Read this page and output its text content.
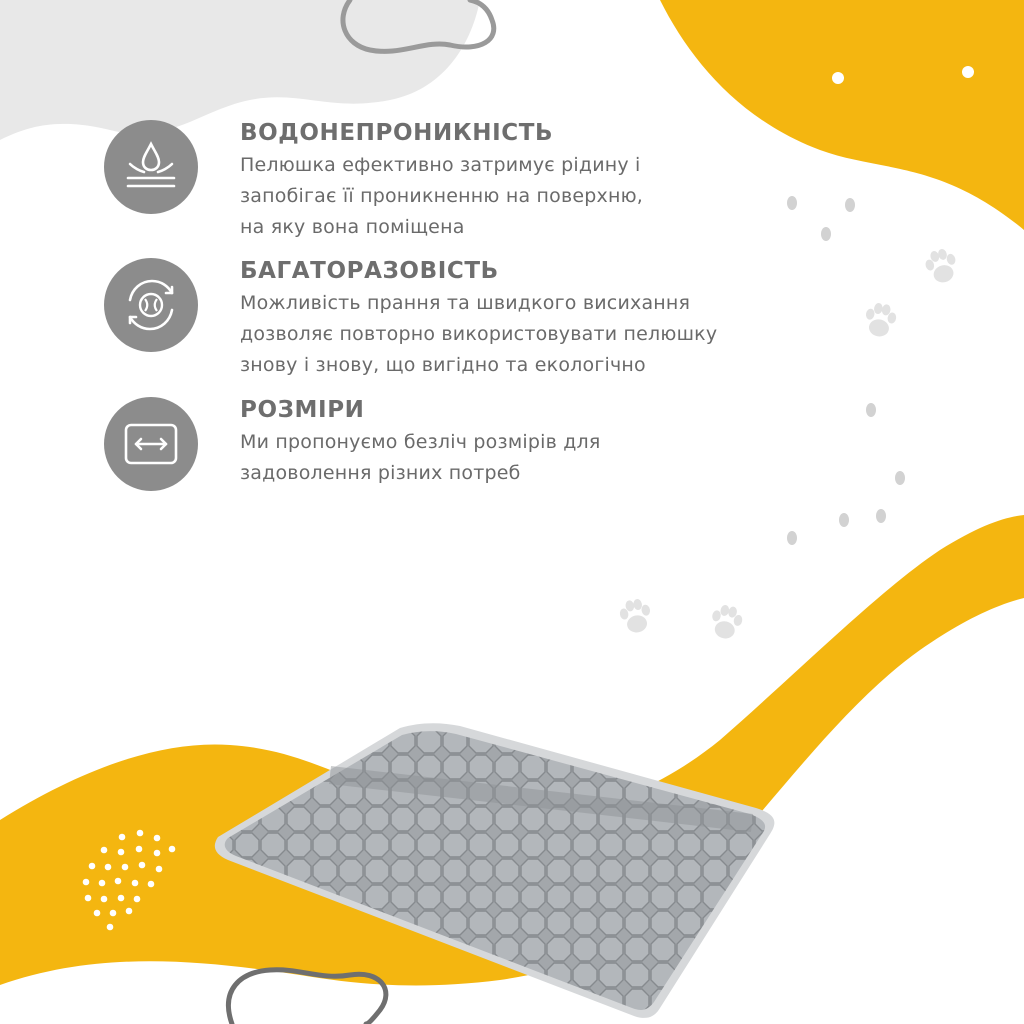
ВОДОНЕПРОНИКНІСТЬ
Пелюшка ефективно затримує рідину і
запобігає її проникненню на поверхню,
на яку вона поміщена
БАГАТОРАЗОВІСТЬ
Можливість прання та швидкого висихання
дозволяє повторно використовувати пелюшку
знову і знову, що вигідно та екологічно
РОЗМІРИ
Ми пропонуємо безліч розмірів для
задоволення різних потреб
